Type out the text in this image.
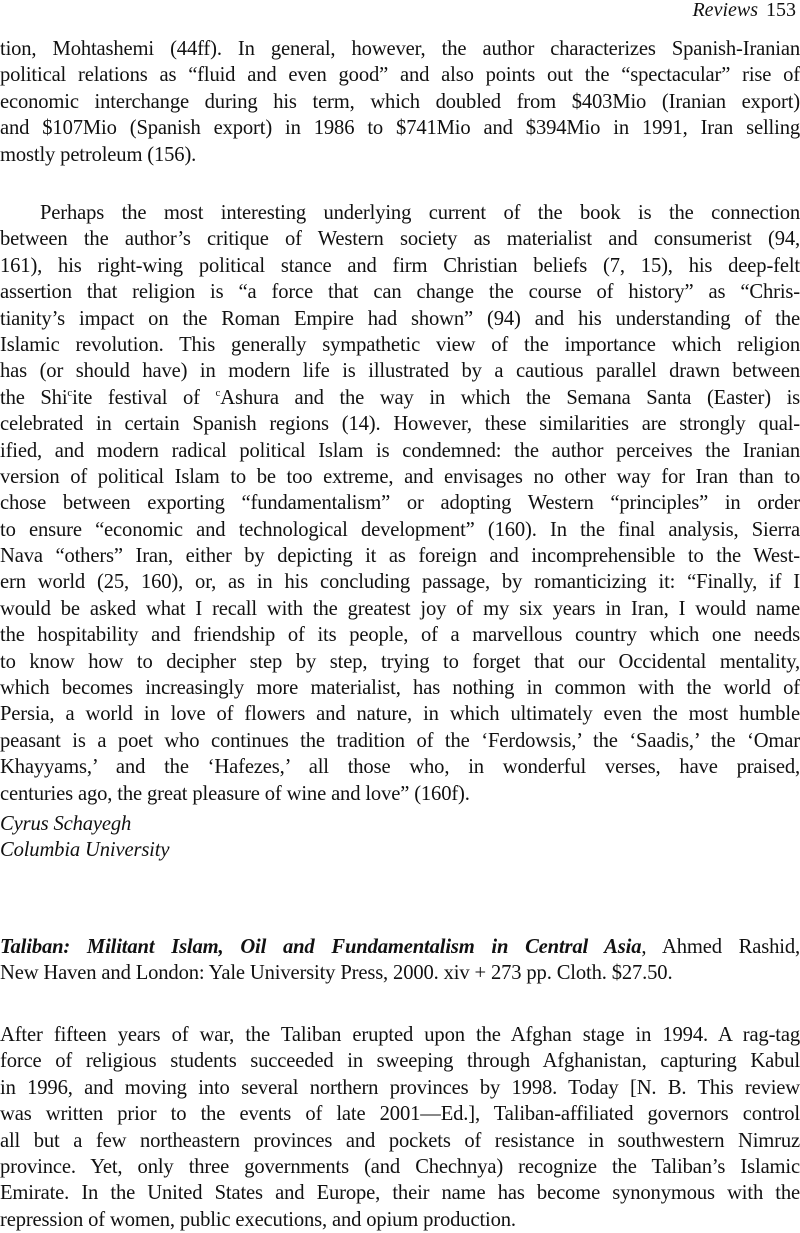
Reviews 153
tion, Mohtashemi (44ff). In general, however, the author characterizes Spanish-Iranian
political relations as “fluid and even good” and also points out the “spectacular” rise of
economic interchange during his term, which doubled from $403Mio (Iranian export)
and $107Mio (Spanish export) in 1986 to $741Mio and $394Mio in 1991, Iran selling
mostly petroleum (156).
Perhaps the most interesting underlying current of the book is the connection
between the author’s critique of Western society as materialist and consumerist (94,
161), his right-wing political stance and firm Christian beliefs (7, 15), his deep-felt
assertion that religion is “a force that can change the course of history” as “Chris-
tianity’s impact on the Roman Empire had shown” (94) and his understanding of the
Islamic revolution. This generally sympathetic view of the importance which religion
has (or should have) in modern life is illustrated by a cautious parallel drawn between
the Shi$^c$ite festival of $^c$Ashura and the way in which the Semana Santa (Easter) is
celebrated in certain Spanish regions (14). However, these similarities are strongly qual-
ified, and modern radical political Islam is condemned: the author perceives the Iranian
version of political Islam to be too extreme, and envisages no other way for Iran than to
chose between exporting “fundamentalism” or adopting Western “principles” in order
to ensure “economic and technological development” (160). In the final analysis, Sierra
Nava “others” Iran, either by depicting it as foreign and incomprehensible to the West-
ern world (25, 160), or, as in his concluding passage, by romanticizing it: “Finally, if I
would be asked what I recall with the greatest joy of my six years in Iran, I would name
the hospitability and friendship of its people, of a marvellous country which one needs
to know how to decipher step by step, trying to forget that our Occidental mentality,
which becomes increasingly more materialist, has nothing in common with the world of
Persia, a world in love of flowers and nature, in which ultimately even the most humble
peasant is a poet who continues the tradition of the ‘Ferdowsis,’ the ‘Saadis,’ the ‘Omar
Khayyams,’ and the ‘Hafezes,’ all those who, in wonderful verses, have praised,
centuries ago, the great pleasure of wine and love” (160f).
Cyrus Schayegh
Columbia University
Taliban: Militant Islam, Oil and Fundamentalism in Central Asia, Ahmed Rashid,
New Haven and London: Yale University Press, 2000. xiv + 273 pp. Cloth. $27.50.
After fifteen years of war, the Taliban erupted upon the Afghan stage in 1994. A rag-tag
force of religious students succeeded in sweeping through Afghanistan, capturing Kabul
in 1996, and moving into several northern provinces by 1998. Today [N. B. This review
was written prior to the events of late 2001—Ed.], Taliban-affiliated governors control
all but a few northeastern provinces and pockets of resistance in southwestern Nimruz
province. Yet, only three governments (and Chechnya) recognize the Taliban’s Islamic
Emirate. In the United States and Europe, their name has become synonymous with the
repression of women, public executions, and opium production.
